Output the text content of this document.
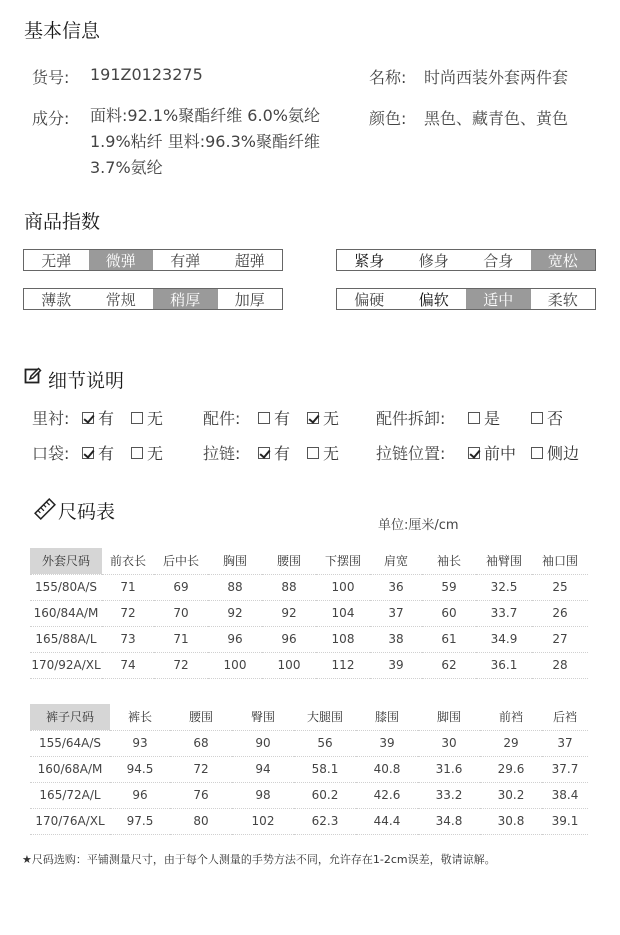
基本信息
货号: 191Z0123275	名称: 时尚西装外套两件套
成分: 面料:92.1%聚酯纤维 6.0%氨纶 1.9%粘纤 里料:96.3%聚酯纤维 3.7%氨纶
颜色: 黑色、藏青色、黄色
商品指数
无弹	微弹	有弹	超弹	紧身	修身	合身	宽松
薄款	常规	稍厚	加厚	偏硬	偏软	适中	柔软
细节说明
里衬: 有 无 配件: 有 无 配件拆卸: 是	否
口袋: 有 无 拉链: 有 无 拉链位置: 前中 侧边
尺码表
单位:厘米/cm
外套尺码	前衣长	后中长	胸围	腰围	下摆围	肩宽	袖长	袖臂围	袖口围
155/80A/S	71	69	88	88	100	36	59	32.5	25
160/84A/M	72	70	92	92	104	37	60	33.7	26
165/88A/L	73	71	96	96	108	38	61	34.9	27
170/92A/XL	74	72	100	100	112	39	62	36.1	28
裤子尺码	裤长	腰围	臀围	大腿围	膝围	脚围	前裆	后裆
155/64A/S	93	68	90	56	39	30	29	37
160/68A/M	94.5	72	94	58.1	40.8	31.6	29.6	37.7
165/72A/L	96	76	98	60.2	42.6	33.2	30.2	38.4
170/76A/XL	97.5	80	102	62.3	44.4	34.8	30.8	39.1
★尺码选购：平铺测量尺寸，由于每个人测量的手势方法不同，允许存在1-2cm误差，敬请谅解。
